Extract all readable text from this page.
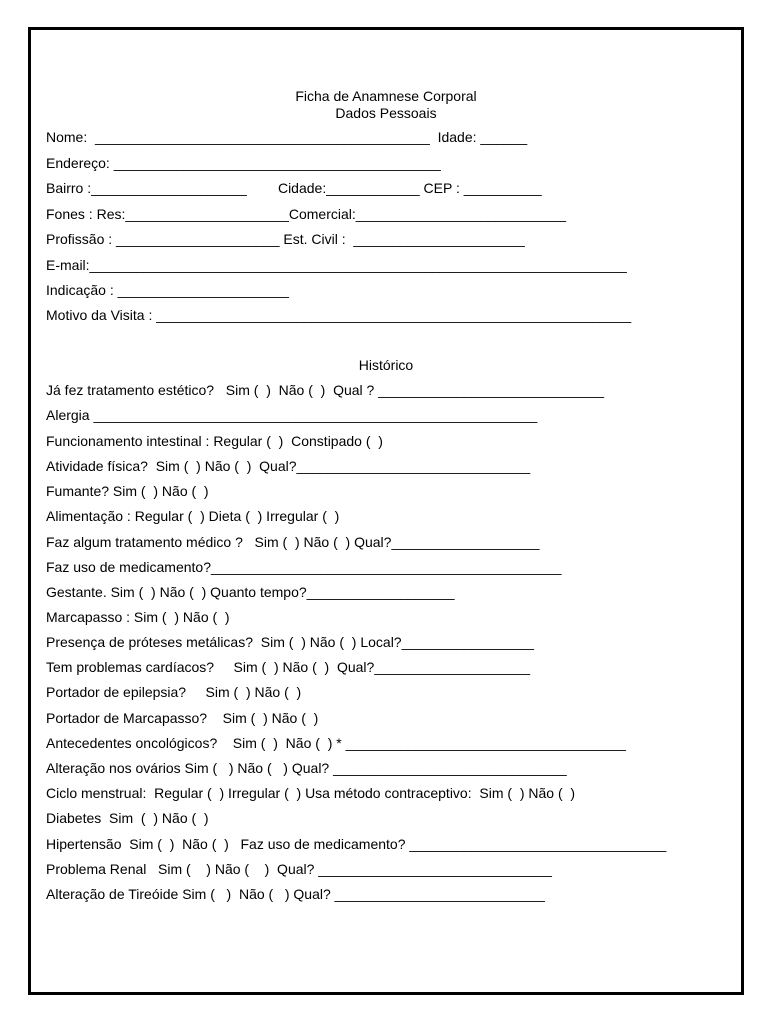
Ficha de Anamnese Corporal
Dados Pessoais
Nome:  ___________________________________________  Idade: ______
Endereço: __________________________________________
Bairro :____________________        Cidade:____________ CEP : __________
Fones : Res:_____________________Comercial:___________________________
Profissão : _____________________ Est. Civil :  ______________________
E-mail:_____________________________________________________________________
Indicação : ______________________
Motivo da Visita : _____________________________________________________________
Histórico
Já fez tratamento estético?   Sim (  )  Não (  )  Qual ? _____________________________
Alergia _________________________________________________________
Funcionamento intestinal : Regular (  )  Constipado (  )
Atividade física?  Sim (  ) Não (  )  Qual?______________________________
Fumante? Sim (  ) Não (  )
Alimentação : Regular (  ) Dieta (  ) Irregular (  )
Faz algum tratamento médico ?   Sim (  ) Não (  ) Qual?___________________
Faz uso de medicamento?_____________________________________________
Gestante. Sim (  ) Não (  ) Quanto tempo?___________________
Marcapasso : Sim (  ) Não (  )
Presença de próteses metálicas?  Sim (  ) Não (  ) Local?_________________
Tem problemas cardíacos?     Sim (  ) Não (  )  Qual?____________________
Portador de epilepsia?     Sim (  ) Não (  )
Portador de Marcapasso?    Sim (  ) Não (  )
Antecedentes oncológicos?    Sim (  )  Não (  ) * ____________________________________
Alteração nos ovários Sim (   ) Não (   ) Qual? ______________________________
Ciclo menstrual:  Regular (  ) Irregular (  ) Usa método contraceptivo:  Sim (  ) Não (  )
Diabetes  Sim  (  ) Não (  )
Hipertensão  Sim (  )  Não (  )   Faz uso de medicamento? _________________________________
Problema Renal   Sim (    ) Não (    )  Qual? ______________________________
Alteração de Tireóide Sim (   )  Não (   ) Qual? ___________________________
